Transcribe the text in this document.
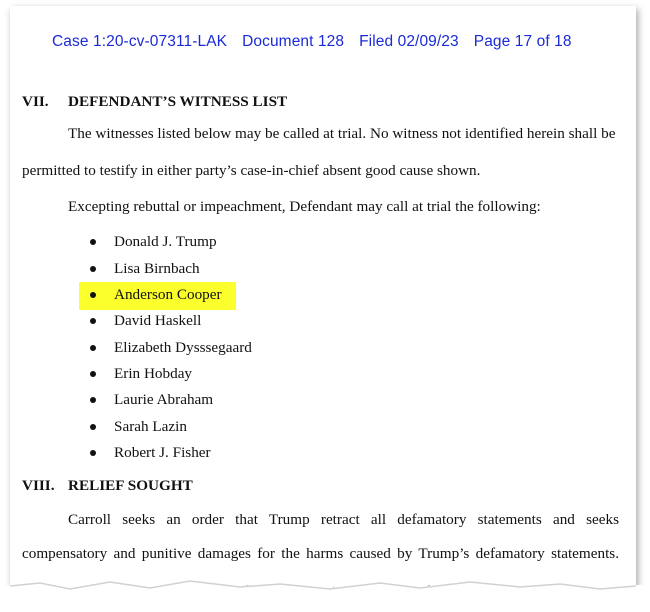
Case 1:20-cv-07311-LAK Document 128 Filed 02/09/23 Page 17 of 18
VII. DEFENDANT’S WITNESS LIST
The witnesses listed below may be called at trial. No witness not identified herein shall be
permitted to testify in either party’s case-in-chief absent good cause shown.
Excepting rebuttal or impeachment, Defendant may call at trial the following:
Donald J. Trump
Lisa Birnbach
Anderson Cooper
David Haskell
Elizabeth Dysssegaard
Erin Hobday
Laurie Abraham
Sarah Lazin
Robert J. Fisher
VIII. RELIEF SOUGHT
Carroll seeks an order that Trump retract all defamatory statements and seeks
compensatory and punitive damages for the harms caused by Trump’s defamatory statements.
